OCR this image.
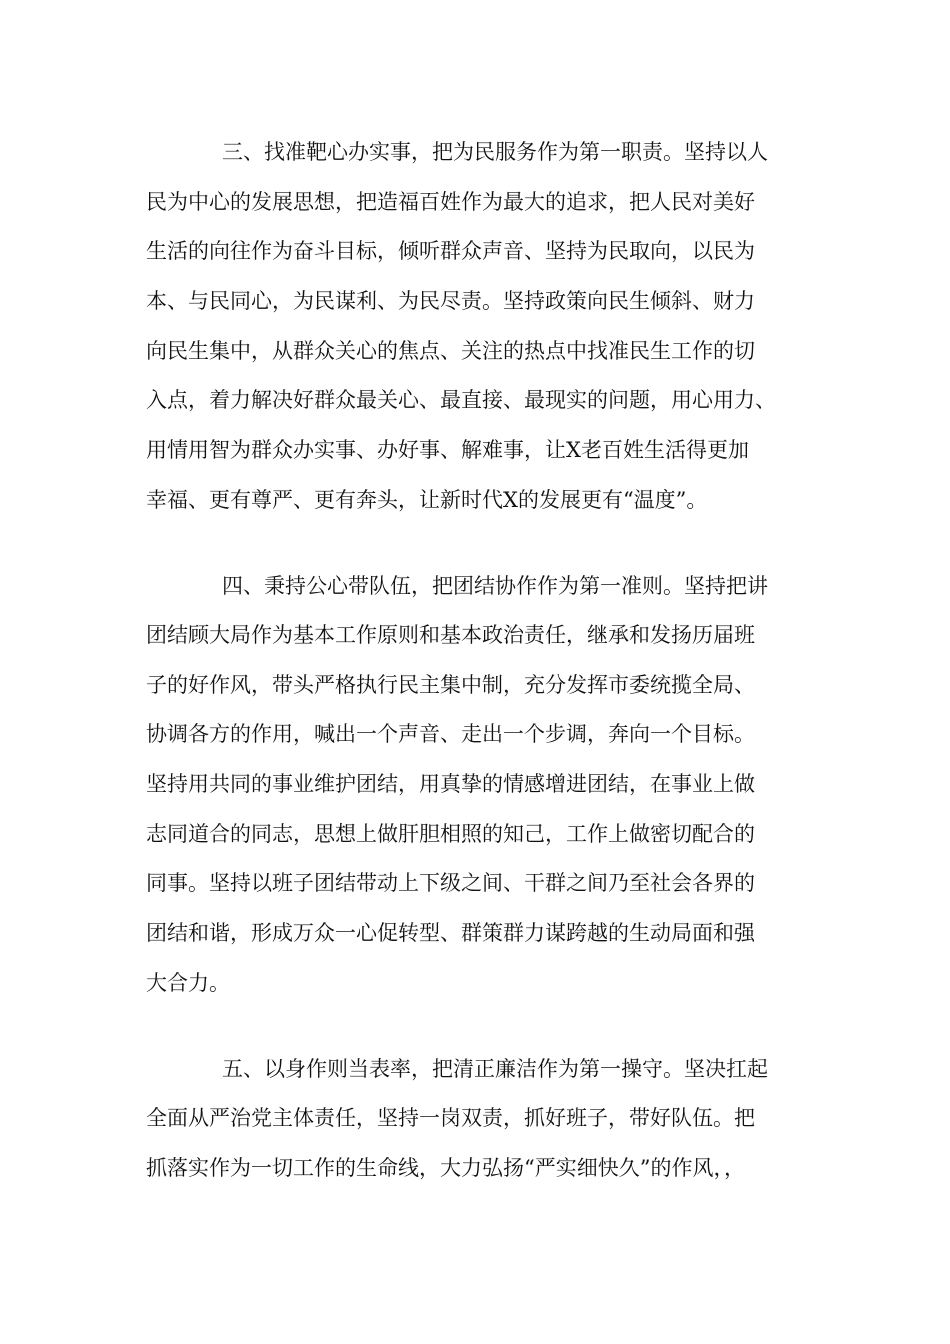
三、找准靶心办实事，把为民服务作为第一职责。坚持以人
民为中心的发展思想，把造福百姓作为最大的追求，把人民对美好
生活的向往作为奋斗目标，倾听群众声音、坚持为民取向，以民为
本、与民同心，为民谋利、为民尽责。坚持政策向民生倾斜、财力
向民生集中，从群众关心的焦点、关注的热点中找准民生工作的切
入点，着力解决好群众最关心、最直接、最现实的问题，用心用力、
用情用智为群众办实事、办好事、解难事，让X老百姓生活得更加
幸福、更有尊严、更有奔头，让新时代X的发展更有“温度”。
四、秉持公心带队伍，把团结协作作为第一准则。坚持把讲
团结顾大局作为基本工作原则和基本政治责任，继承和发扬历届班
子的好作风，带头严格执行民主集中制，充分发挥市委统揽全局、
协调各方的作用，喊出一个声音、走出一个步调，奔向一个目标。
坚持用共同的事业维护团结，用真挚的情感增进团结，在事业上做
志同道合的同志，思想上做肝胆相照的知己，工作上做密切配合的
同事。坚持以班子团结带动上下级之间、干群之间乃至社会各界的
团结和谐，形成万众一心促转型、群策群力谋跨越的生动局面和强
大合力。
五、以身作则当表率，把清正廉洁作为第一操守。坚决扛起
全面从严治党主体责任，坚持一岗双责，抓好班子，带好队伍。把
抓落实作为一切工作的生命线，大力弘扬“严实细快久”的作风，，
